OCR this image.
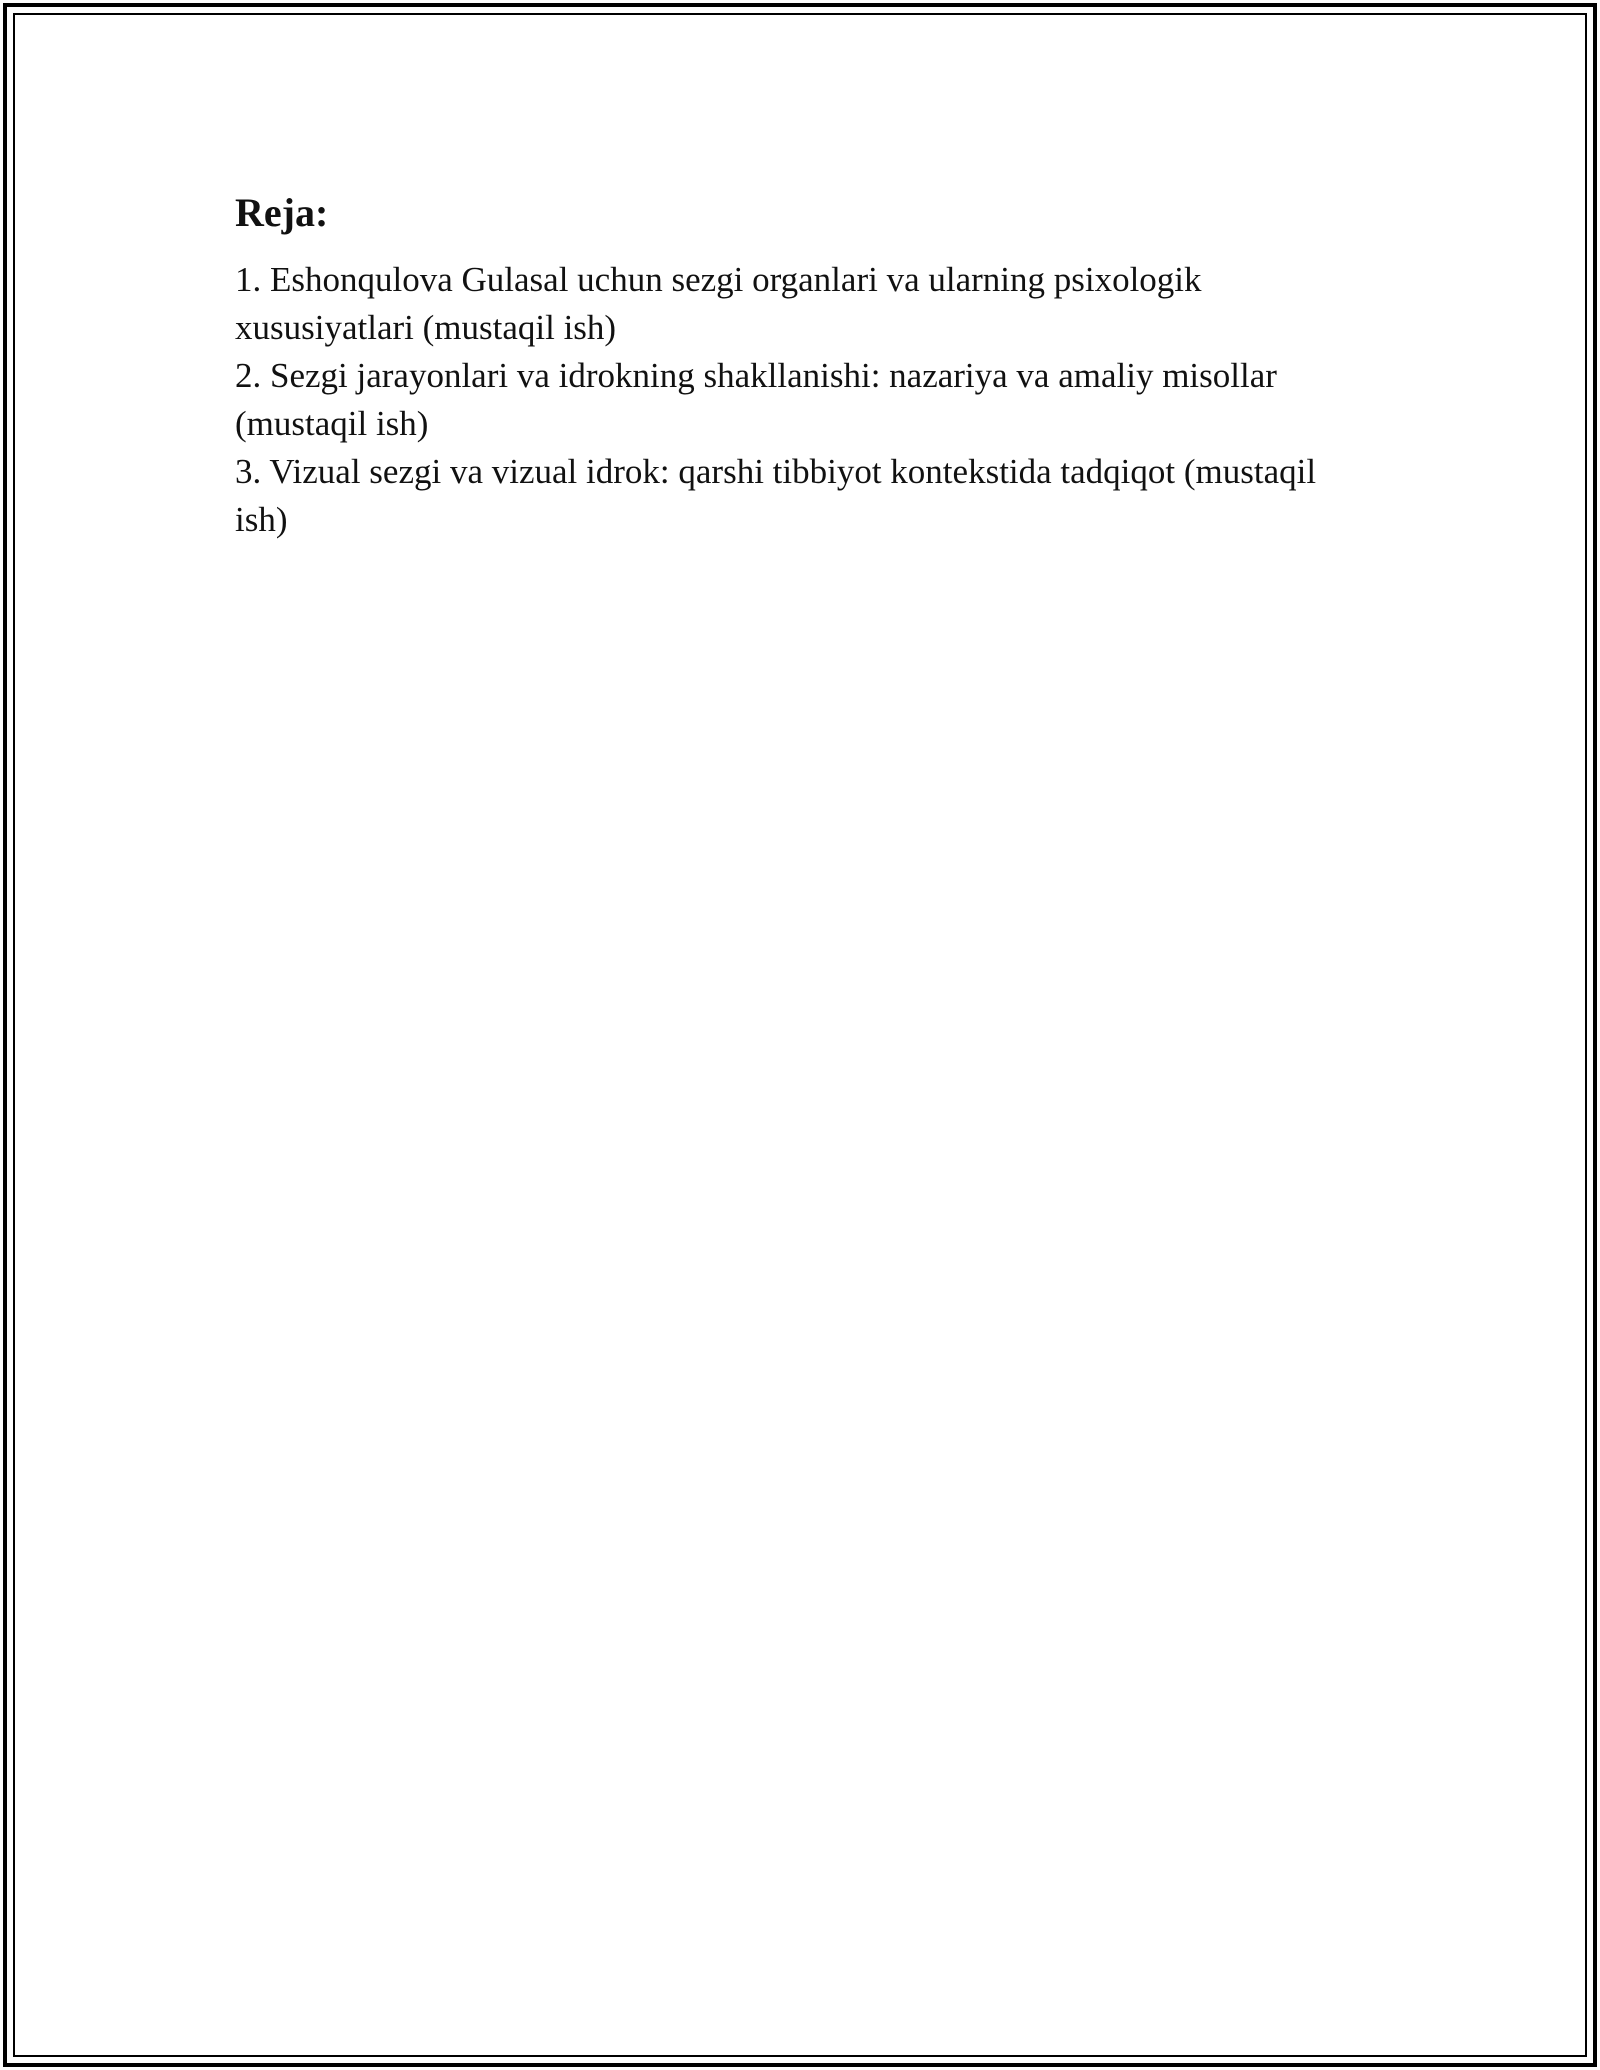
Reja:
1. Eshonqulova Gulasal uchun sezgi organlari va ularning psixologik xususiyatlari (mustaqil ish)
2. Sezgi jarayonlari va idrokning shakllanishi: nazariya va amaliy misollar (mustaqil ish)
3. Vizual sezgi va vizual idrok: qarshi tibbiyot kontekstida tadqiqot (mustaqil ish)
